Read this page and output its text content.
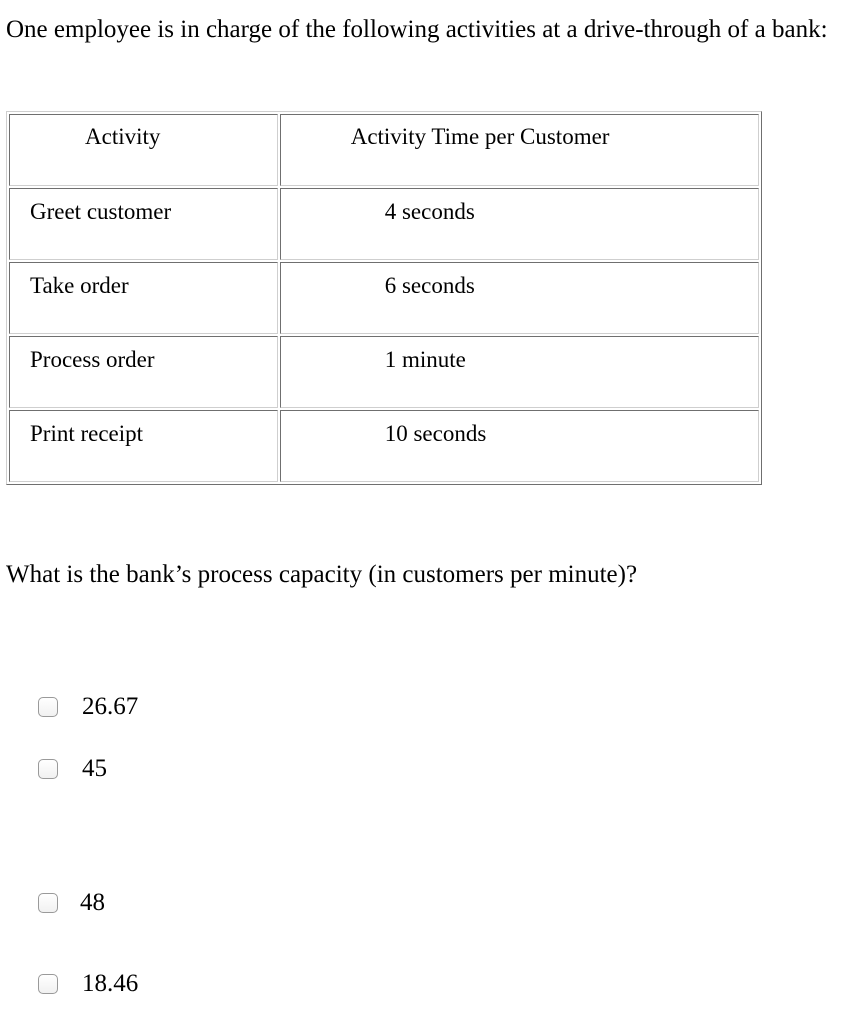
One employee is in charge of the following activities at a drive-through of a bank:

Activity	Activity Time per Customer
Greet customer	4 seconds
Take order	6 seconds
Process order	1 minute
Print receipt	10 seconds

What is the bank’s process capacity (in customers per minute)?

26.67
45
48
18.46
